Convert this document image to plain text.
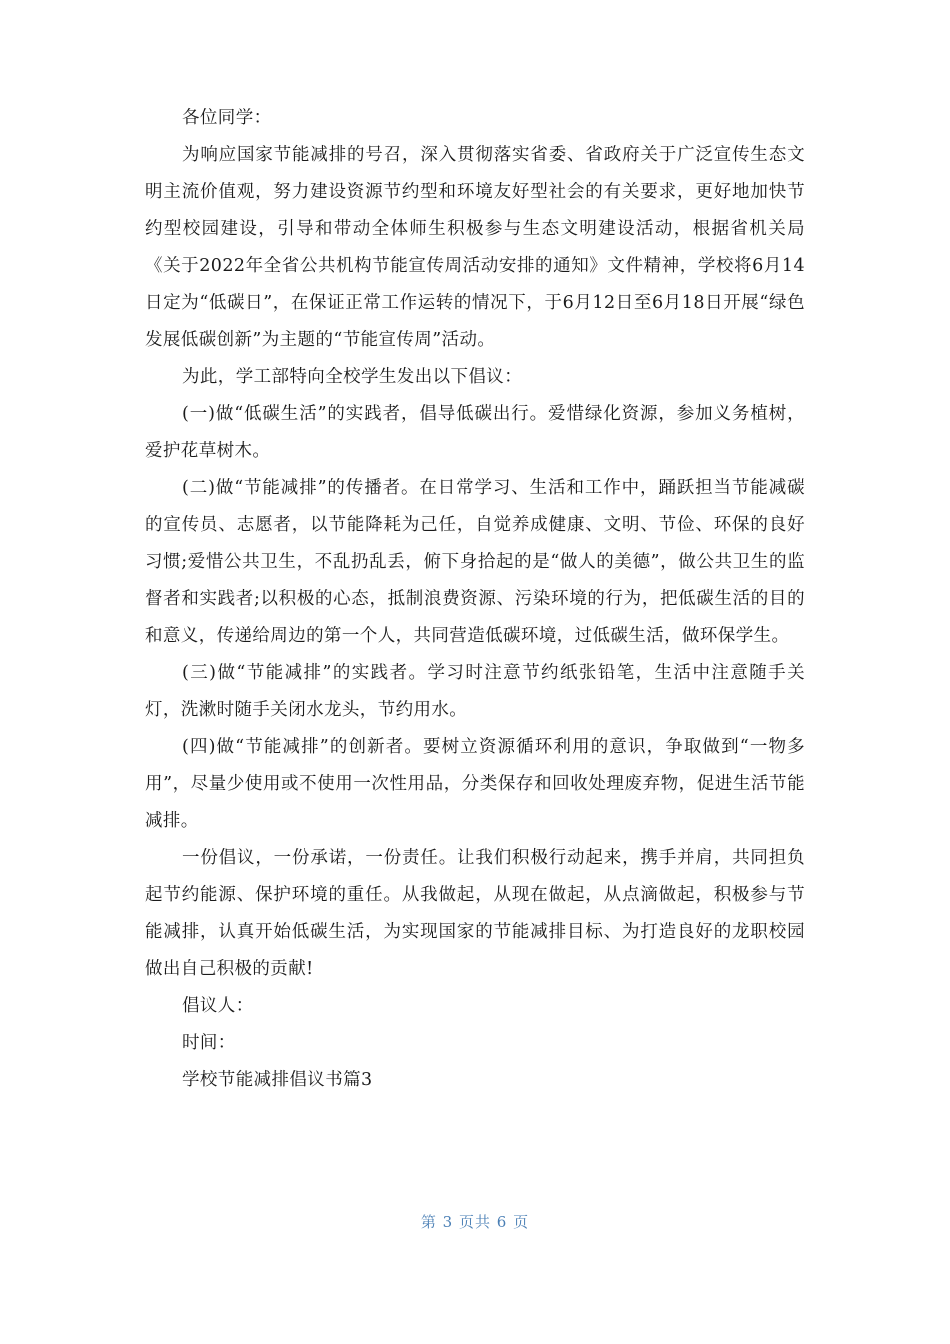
各位同学：

为响应国家节能减排的号召，深入贯彻落实省委、省政府关于广泛宣传生态文明主流价值观，努力建设资源节约型和环境友好型社会的有关要求，更好地加快节约型校园建设，引导和带动全体师生积极参与生态文明建设活动，根据省机关局《关于2022年全省公共机构节能宣传周活动安排的通知》文件精神，学校将6月14日定为“低碳日”，在保证正常工作运转的情况下，于6月12日至6月18日开展“绿色发展低碳创新”为主题的“节能宣传周”活动。

为此，学工部特向全校学生发出以下倡议：

(一)做“低碳生活”的实践者，倡导低碳出行。爱惜绿化资源，参加义务植树，爱护花草树木。

(二)做“节能减排”的传播者。在日常学习、生活和工作中，踊跃担当节能减碳的宣传员、志愿者，以节能降耗为己任，自觉养成健康、文明、节俭、环保的良好习惯;爱惜公共卫生，不乱扔乱丢，俯下身拾起的是“做人的美德”，做公共卫生的监督者和实践者;以积极的心态，抵制浪费资源、污染环境的行为，把低碳生活的目的和意义，传递给周边的第一个人，共同营造低碳环境，过低碳生活，做环保学生。

(三)做“节能减排”的实践者。学习时注意节约纸张铅笔，生活中注意随手关灯，洗漱时随手关闭水龙头，节约用水。

(四)做“节能减排”的创新者。要树立资源循环利用的意识，争取做到“一物多用”，尽量少使用或不使用一次性用品，分类保存和回收处理废弃物，促进生活节能减排。

一份倡议，一份承诺，一份责任。让我们积极行动起来，携手并肩，共同担负起节约能源、保护环境的重任。从我做起，从现在做起，从点滴做起，积极参与节能减排，认真开始低碳生活，为实现国家的节能减排目标、为打造良好的龙职校园做出自己积极的贡献!

倡议人：

时间：

学校节能减排倡议书篇3

第 3 页共 6 页
